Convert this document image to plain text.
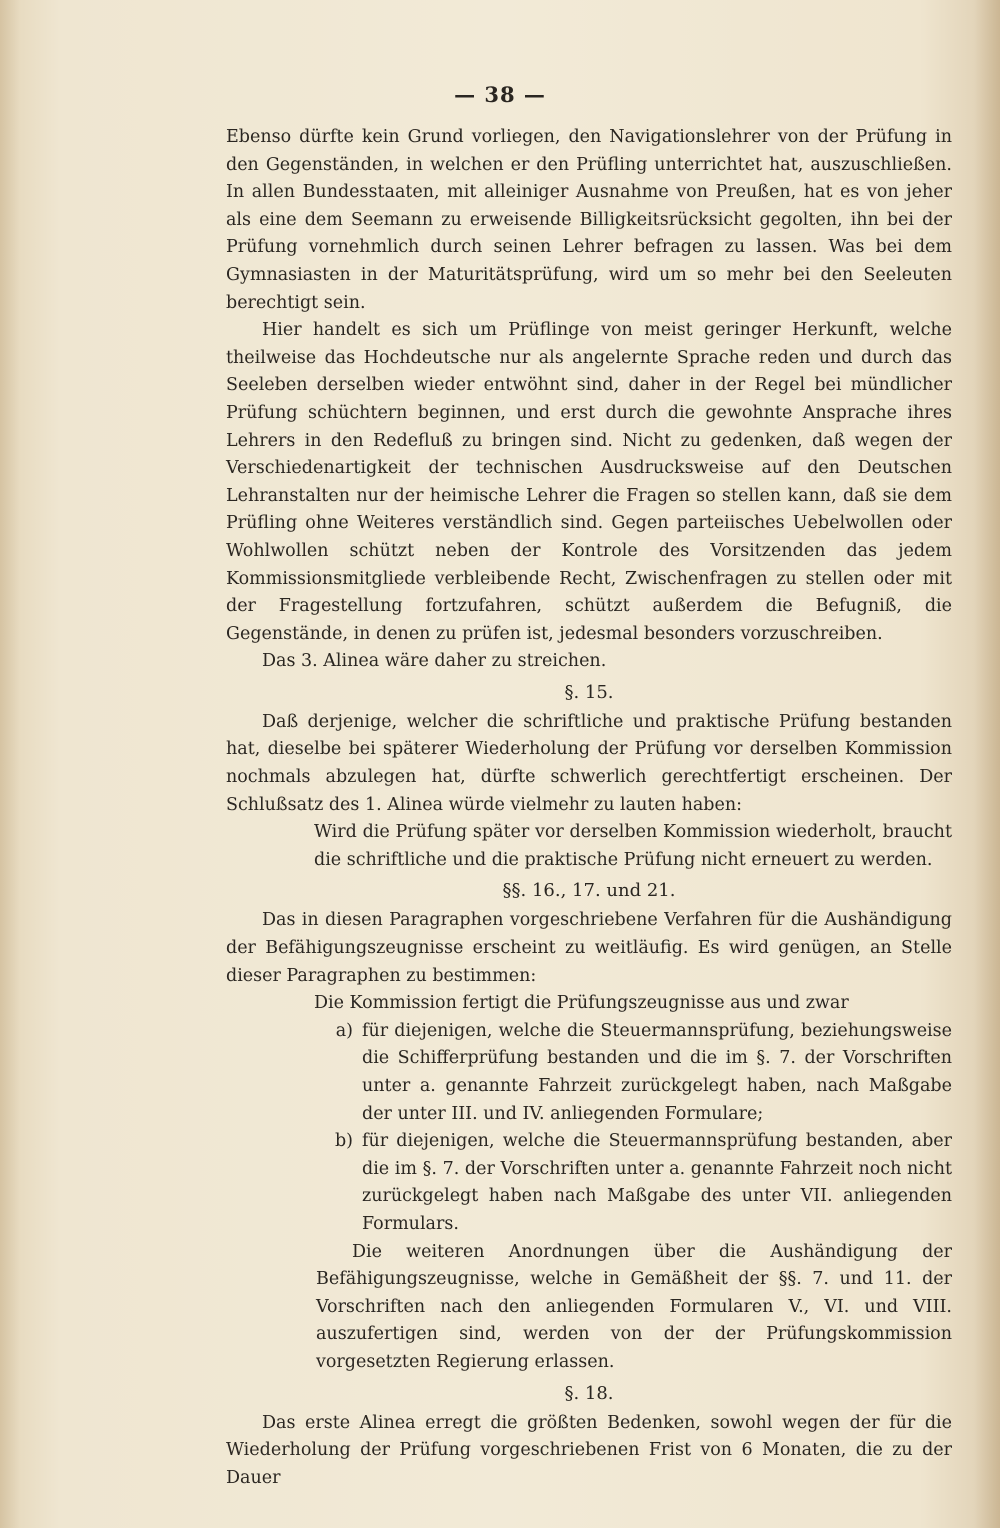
— 38 —

Ebenso dürfte kein Grund vorliegen, den Navigationslehrer von der Prüfung in den Gegenständen, in welchen er den Prüfling unterrichtet hat, auszuschließen. In allen Bundesstaaten, mit alleiniger Ausnahme von Preußen, hat es von jeher als eine dem Seemann zu erweisende Billigkeitsrücksicht gegolten, ihn bei der Prüfung vornehmlich durch seinen Lehrer befragen zu lassen. Was bei dem Gymnasiasten in der Maturitätsprüfung, wird um so mehr bei den Seeleuten berechtigt sein.

Hier handelt es sich um Prüflinge von meist geringer Herkunft, welche theilweise das Hochdeutsche nur als angelernte Sprache reden und durch das Seeleben derselben wieder entwöhnt sind, daher in der Regel bei mündlicher Prüfung schüchtern beginnen, und erst durch die gewohnte Ansprache ihres Lehrers in den Redefluß zu bringen sind. Nicht zu gedenken, daß wegen der Verschiedenartigkeit der technischen Ausdrucksweise auf den Deutschen Lehranstalten nur der heimische Lehrer die Fragen so stellen kann, daß sie dem Prüfling ohne Weiteres verständlich sind. Gegen parteiisches Uebelwollen oder Wohlwollen schützt neben der Kontrole des Vorsitzenden das jedem Kommissionsmitgliede verbleibende Recht, Zwischenfragen zu stellen oder mit der Fragestellung fortzufahren, schützt außerdem die Befugniß, die Gegenstände, in denen zu prüfen ist, jedesmal besonders vorzuschreiben.

Das 3. Alinea wäre daher zu streichen.

§. 15.

Daß derjenige, welcher die schriftliche und praktische Prüfung bestanden hat, dieselbe bei späterer Wiederholung der Prüfung vor derselben Kommission nochmals abzulegen hat, dürfte schwerlich gerechtfertigt erscheinen. Der Schlußsatz des 1. Alinea würde vielmehr zu lauten haben:

Wird die Prüfung später vor derselben Kommission wiederholt, braucht die schriftliche und die praktische Prüfung nicht erneuert zu werden.

§§. 16., 17. und 21.

Das in diesen Paragraphen vorgeschriebene Verfahren für die Aushändigung der Befähigungszeugnisse erscheint zu weitläufig. Es wird genügen, an Stelle dieser Paragraphen zu bestimmen:

Die Kommission fertigt die Prüfungszeugnisse aus und zwar

a) für diejenigen, welche die Steuermannsprüfung, beziehungsweise die Schifferprüfung bestanden und die im §. 7. der Vorschriften unter a. genannte Fahrzeit zurückgelegt haben, nach Maßgabe der unter III. und IV. anliegenden Formulare;
b) für diejenigen, welche die Steuermannsprüfung bestanden, aber die im §. 7. der Vorschriften unter a. genannte Fahrzeit noch nicht zurückgelegt haben nach Maßgabe des unter VII. anliegenden Formulars.

Die weiteren Anordnungen über die Aushändigung der Befähigungszeugnisse, welche in Gemäßheit der §§. 7. und 11. der Vorschriften nach den anliegenden Formularen V., VI. und VIII. auszufertigen sind, werden von der der Prüfungskommission vorgesetzten Regierung erlassen.

§. 18.

Das erste Alinea erregt die größten Bedenken, sowohl wegen der für die Wiederholung der Prüfung vorgeschriebenen Frist von 6 Monaten, die zu der Dauer
